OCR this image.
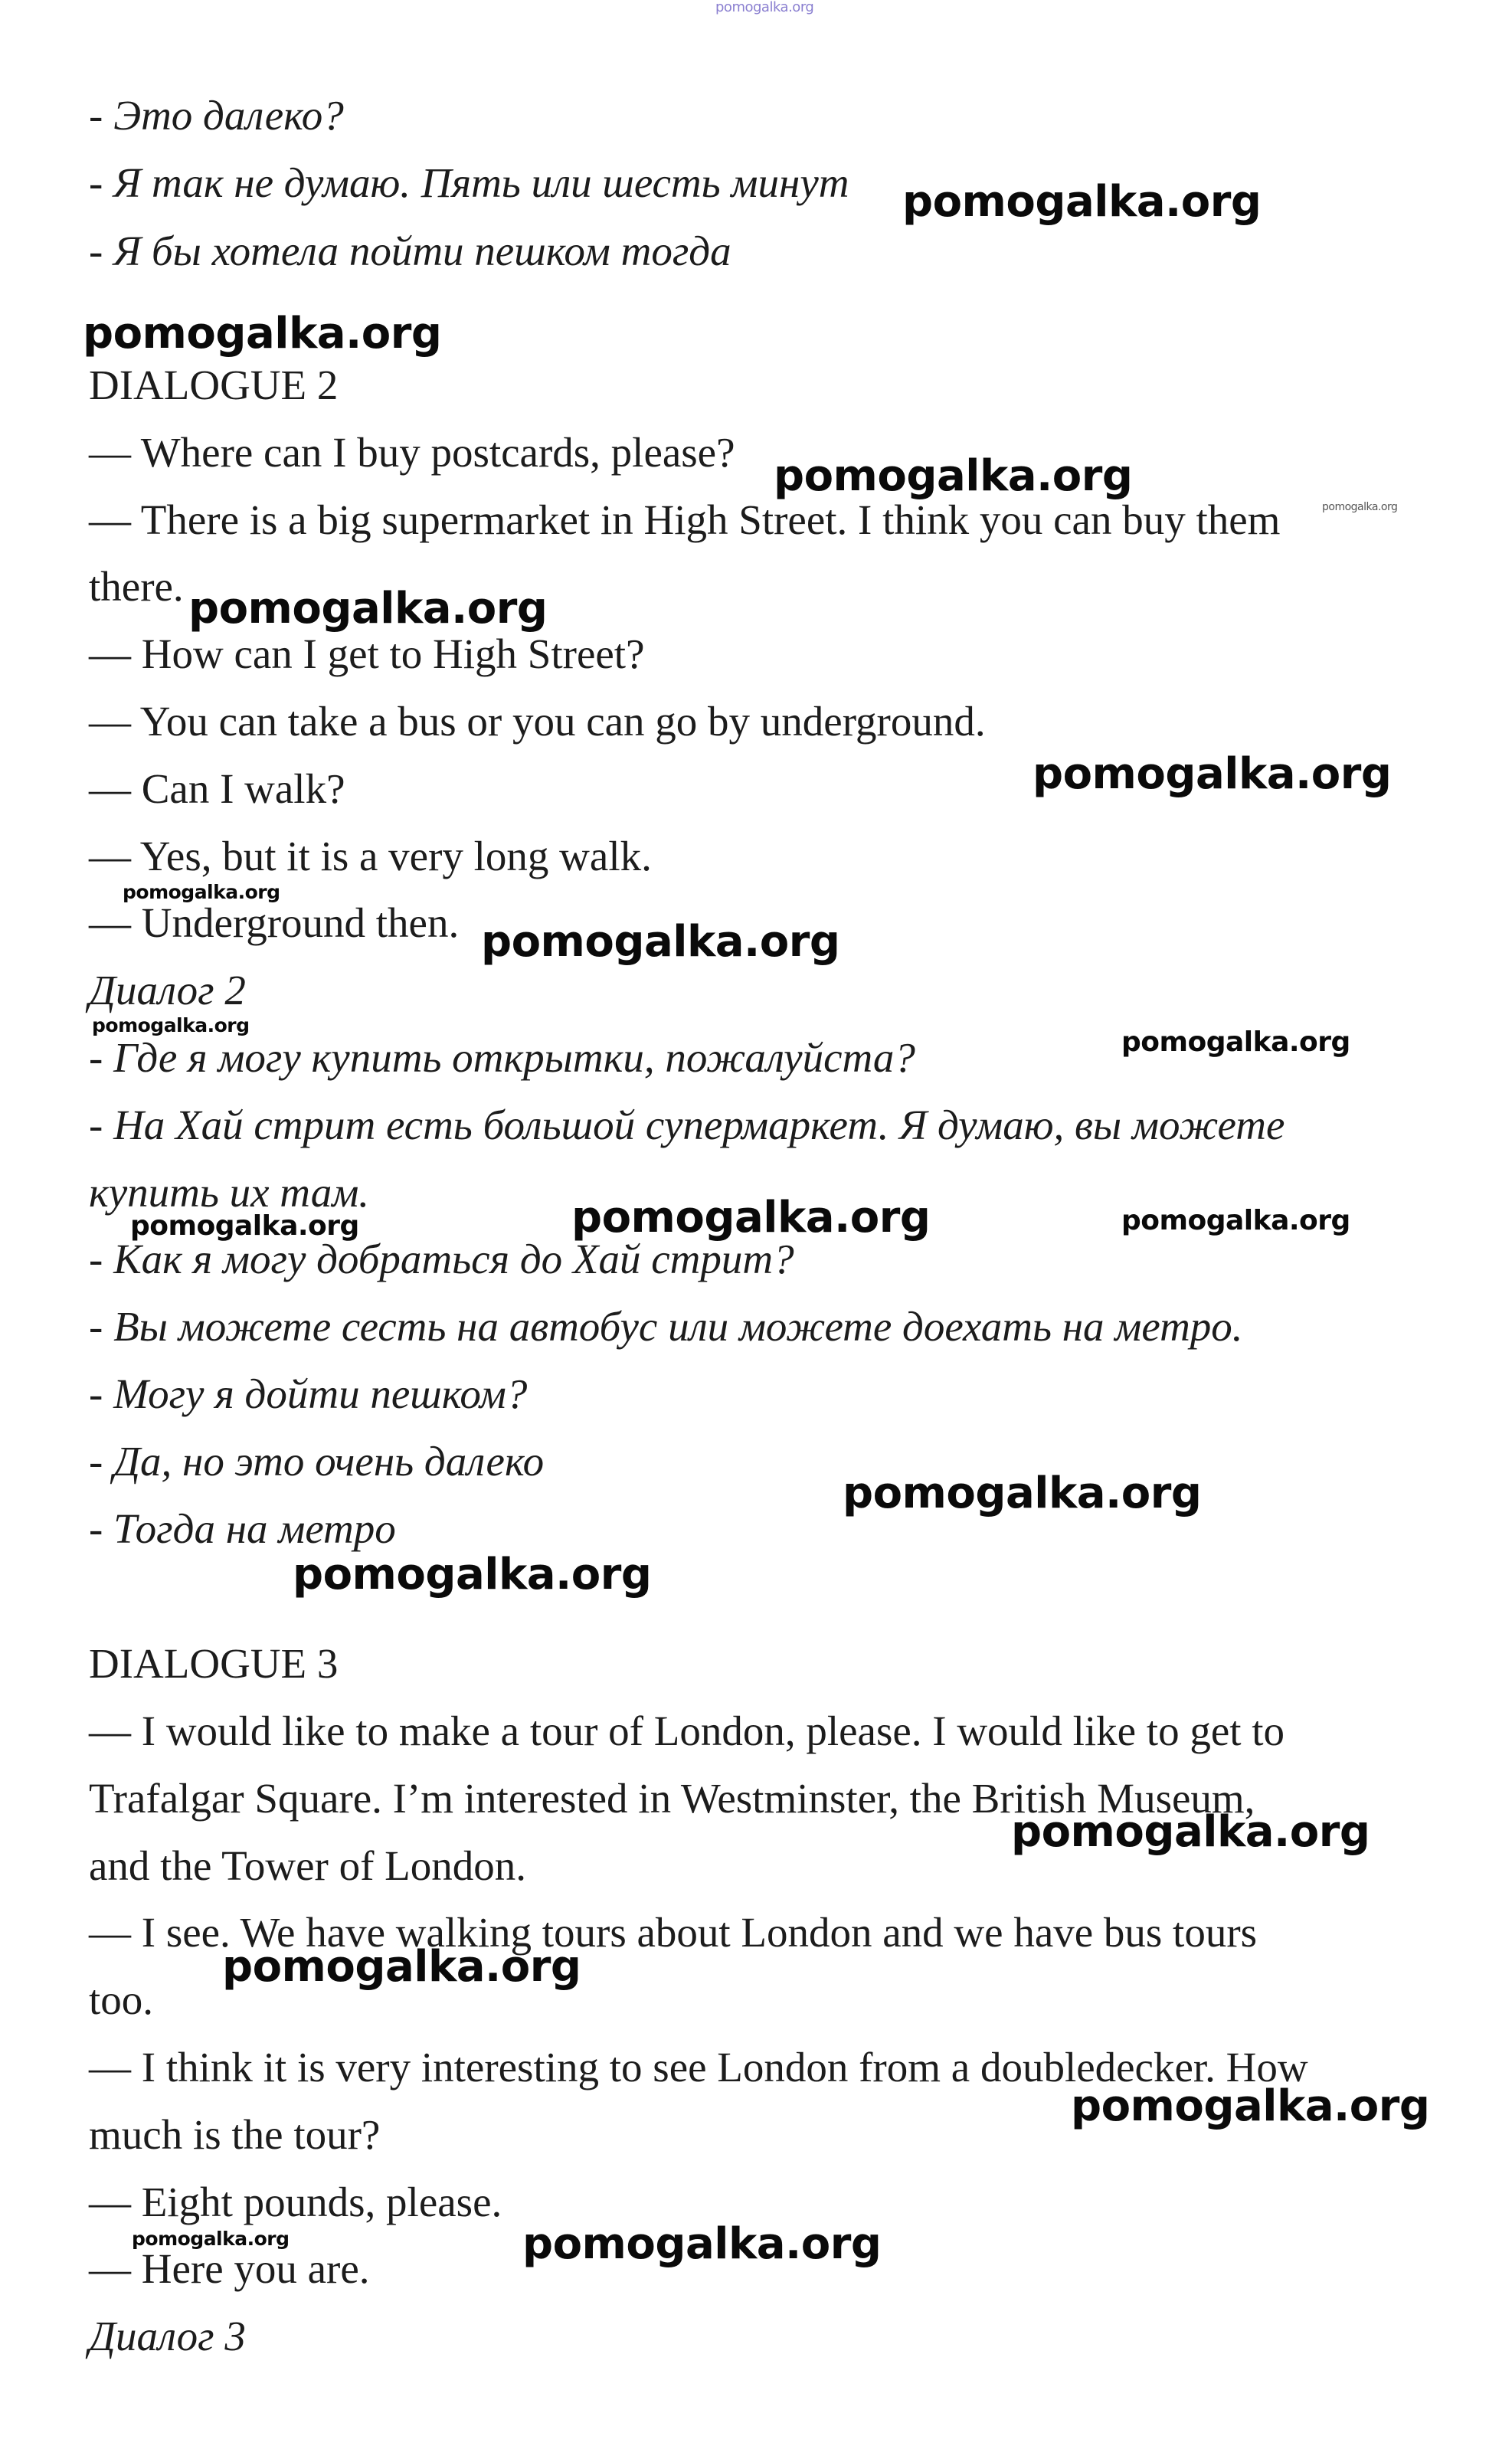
pomogalka.org
- Это далеко?
- Я так не думаю. Пять или шесть минут pomogalka.org
- Я бы хотела пойти пешком тогда
pomogalka.org
DIALOGUE 2
— Where can I buy postcards, please? pomogalka.org
pomogalka.org
— There is a big supermarket in High Street. I think you can buy them
there. pomogalka.org
— How can I get to High Street?
— You can take a bus or you can go by underground.
— Can I walk?	pomogalka.org
— Yes, but it is a very long walk.
pomogalka.org
— Underground then. pomogalka.org
Диалог 2
pomogalka.org
- Где я могу купить открытки, пожалуйста?	pomogalka.org
- На Хай стрит есть большой супермаркет. Я думаю, вы можете
купить их там.
pomogalka.org	pomogalka.org	pomogalka.org
- Как я могу добраться до Хай стрит?
- Вы можете сесть на автобус или можете доехать на метро.
- Могу я дойти пешком?
- Да, но это очень далеко
pomogalka.org
- Тогда на метро
pomogalka.org
DIALOGUE 3
— I would like to make a tour of London, please. I would like to get to
Trafalgar Square. I’m interested in Westminster, the British Museum,
pomogalka.org
and the Tower of London.
— I see. We have walking tours about London and we have bus tours
pomogalka.org
too.
— I think it is very interesting to see London from a doubledecker. How
pomogalka.org
much is the tour?
— Eight pounds, please.
pomogalka.org	pomogalka.org
— Here you are.
Диалог 3
